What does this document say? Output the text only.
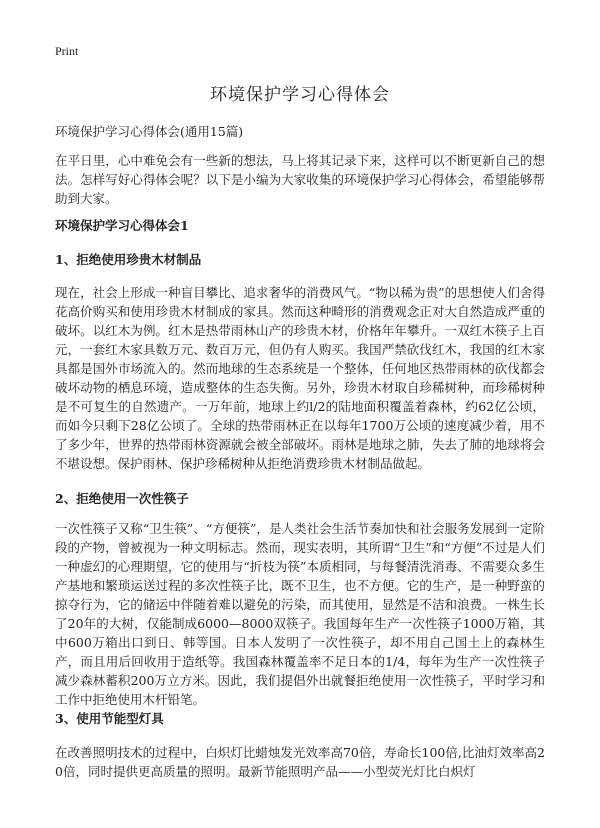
Print
环境保护学习心得体会

环境保护学习心得体会(通用15篇)

在平日里，心中难免会有一些新的想法，马上将其记录下来，这样可以不断更新自己的想法。怎样写好心得体会呢？以下是小编为大家收集的环境保护学习心得体会，希望能够帮助到大家。

环境保护学习心得体会1

1、拒绝使用珍贵木材制品

现在，社会上形成一种盲目攀比、追求奢华的消费风气。“物以稀为贵”的思想使人们舍得花高价购买和使用珍贵木材制成的家具。然而这种畸形的消费观念正对大自然造成严重的破坏。以红木为例。红木是热带雨林山产的珍贵木材，价格年年攀升。一双红木筷子上百元，一套红木家具数万元、数百万元，但仍有人购买。我国严禁砍伐红木，我国的红木家具都是国外市场流入的。然而地球的生态系统是一个整体，任何地区热带雨林的砍伐都会破坏动物的栖息环境，造成整体的生态失衡。另外，珍贵木材取自珍稀树种，而珍稀树种是不可复生的自然遗产。一万年前，地球上约l/2的陆地面积覆盖着森林，约62亿公顷，而如今只剩下28亿公顷了。全球的热带雨林正在以每年1700万公顷的速度减少着，用不了多少年，世界的热带雨林资源就会被全部破坏。雨林是地球之肺，失去了肺的地球将会不堪设想。保护雨林、保护珍稀树种从拒绝消费珍贵木材制品做起。

2、拒绝使用一次性筷子

一次性筷子又称“卫生筷”、“方便筷”，是人类社会生活节奏加快和社会服务发展到一定阶段的产物，曾被视为一种文明标志。然而，现实表明，其所谓“卫生”和“方便”不过是人们一种虚幻的心理期望，它的使用与“折枝为筷”本质相同，与每餐清洗消毒、不需要众多生产基地和繁琐运送过程的多次性筷子比，既不卫生，也不方便。它的生产，是一种野蛮的掠夺行为，它的储运中伴随着难以避免的污染，而其使用，显然是不洁和浪费。一株生长了20年的大树，仅能制成6000—8000双筷子。我国每年生产一次性筷子1000万箱，其中600万箱出口到日、韩等国。日本人发明了一次性筷子，却不用自己国土上的森林生产，而且用后回收用于造纸等。我国森林覆盖率不足日本的1/4，每年为生产一次性筷子减少森林蓄积200万立方米。因此，我们提倡外出就餐拒绝使用一次性筷子，平时学习和工作中拒绝使用木杆铅笔。

3、使用节能型灯具

在改善照明技术的过程中，白炽灯比蜡烛发光效率高70倍，寿命长100倍,比油灯效率高20倍，同时提供更高质量的照明。最新节能照明产品——小型荧光灯比白炽灯
